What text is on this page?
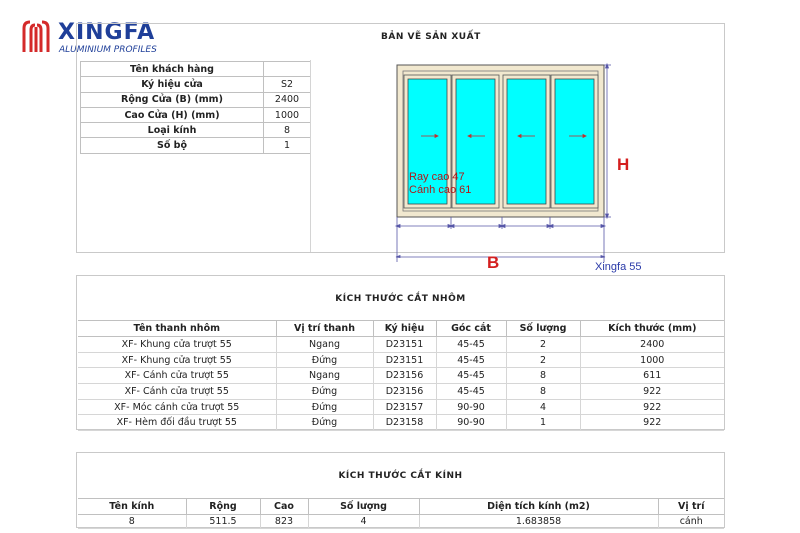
XINGFA
ALUMINIUM PROFILES
BẢN VẼ SẢN XUẤT
Tên khách hàng	
Ký hiệu cửa	S2
Rộng Cửa (B) (mm)	2400
Cao Cửa (H) (mm)	1000
Loại kính	8
Số bộ	1
Ray cao 47
Cánh cao 61
H
B	Xingfa 55
KÍCH THƯỚC CẮT NHÔM
Tên thanh nhôm	Vị trí thanh	Ký hiệu	Góc cắt	Số lượng	Kích thước (mm)
XF- Khung cửa trượt 55	Ngang	D23151	45-45	2	2400
XF- Khung cửa trượt 55	Đứng	D23151	45-45	2	1000
XF- Cánh cửa trượt 55	Ngang	D23156	45-45	8	611
XF- Cánh cửa trượt 55	Đứng	D23156	45-45	8	922
XF- Móc cánh cửa trượt 55	Đứng	D23157	90-90	4	922
XF- Hèm đối đầu trượt 55	Đứng	D23158	90-90	1	922
KÍCH THƯỚC CẮT KÍNH
Tên kính	Rộng	Cao	Số lượng	Diện tích kính (m2)	Vị trí
8	511.5	823	4	1.683858	cánh
